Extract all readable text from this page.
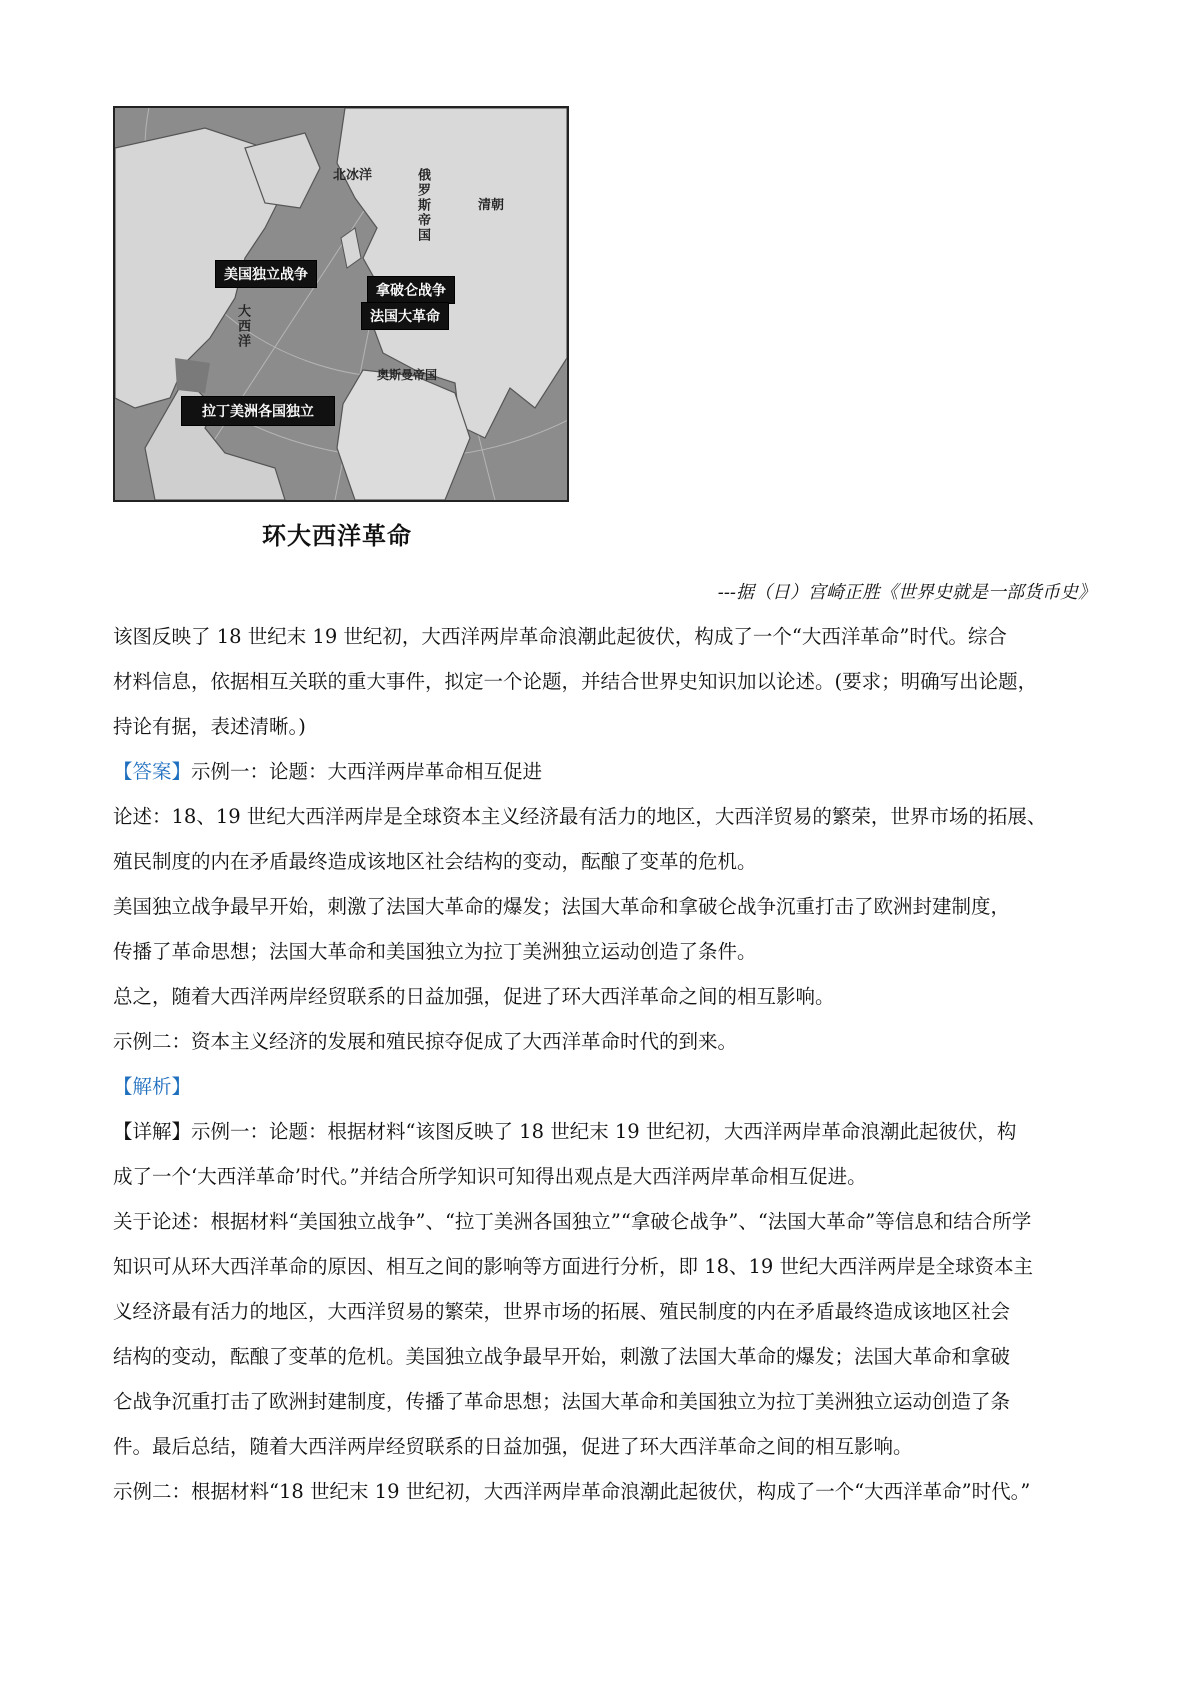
北冰洋	俄罗斯帝国	清朝
大西洋
奥斯曼帝国
美国独立战争
拿破仑战争
法国大革命
拉丁美洲各国独立
环大西洋革命
---据（日）宫崎正胜《世界史就是一部货币史》
该图反映了 18 世纪末 19 世纪初，大西洋两岸革命浪潮此起彼伏，构成了一个“大西洋革命”时代。综合
材料信息，依据相互关联的重大事件，拟定一个论题，并结合世界史知识加以论述。(要求；明确写出论题，
持论有据，表述清晰。)
【答案】示例一：论题：大西洋两岸革命相互促进
论述：18、19 世纪大西洋两岸是全球资本主义经济最有活力的地区，大西洋贸易的繁荣，世界市场的拓展、
殖民制度的内在矛盾最终造成该地区社会结构的变动，酝酿了变革的危机。
美国独立战争最早开始，刺激了法国大革命的爆发；法国大革命和拿破仑战争沉重打击了欧洲封建制度，
传播了革命思想；法国大革命和美国独立为拉丁美洲独立运动创造了条件。
总之，随着大西洋两岸经贸联系的日益加强，促进了环大西洋革命之间的相互影响。
示例二：资本主义经济的发展和殖民掠夺促成了大西洋革命时代的到来。
【解析】
【详解】示例一：论题：根据材料“该图反映了 18 世纪末 19 世纪初，大西洋两岸革命浪潮此起彼伏，构
成了一个‘大西洋革命’时代。”并结合所学知识可知得出观点是大西洋两岸革命相互促进。
关于论述：根据材料“美国独立战争”、“拉丁美洲各国独立”“拿破仑战争”、“法国大革命”等信息和结合所学
知识可从环大西洋革命的原因、相互之间的影响等方面进行分析，即 18、19 世纪大西洋两岸是全球资本主
义经济最有活力的地区，大西洋贸易的繁荣，世界市场的拓展、殖民制度的内在矛盾最终造成该地区社会
结构的变动，酝酿了变革的危机。美国独立战争最早开始，刺激了法国大革命的爆发；法国大革命和拿破
仑战争沉重打击了欧洲封建制度，传播了革命思想；法国大革命和美国独立为拉丁美洲独立运动创造了条
件。最后总结，随着大西洋两岸经贸联系的日益加强，促进了环大西洋革命之间的相互影响。
示例二：根据材料“18 世纪末 19 世纪初，大西洋两岸革命浪潮此起彼伏，构成了一个“大西洋革命”时代。”
